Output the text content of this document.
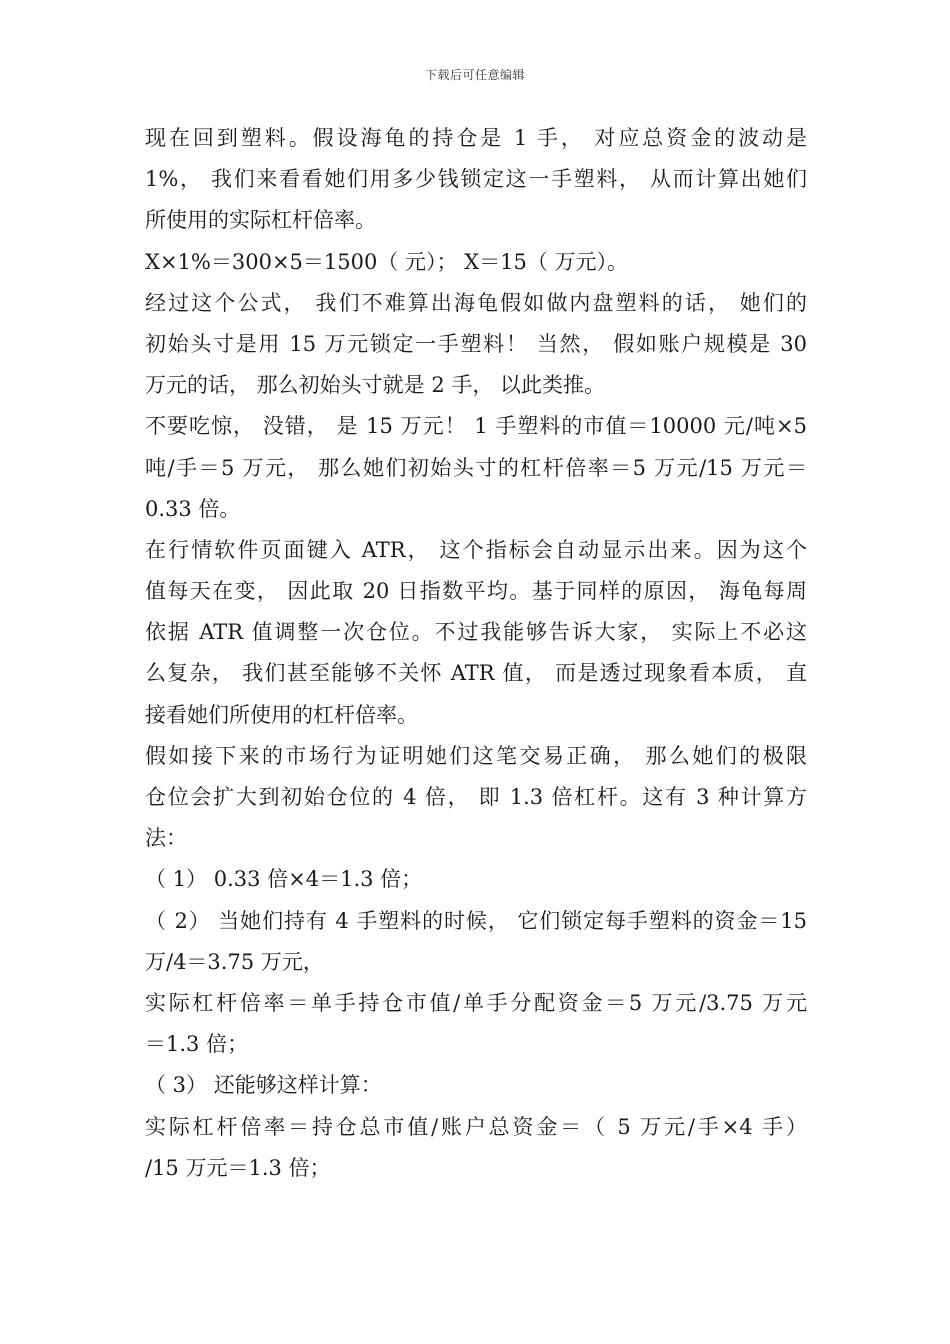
下载后可任意编辑
现在回到塑料。假设海龟的持仓是 1 手， 对应总资金的波动是
1%， 我们来看看她们用多少钱锁定这一手塑料， 从而计算出她们
所使用的实际杠杆倍率。
X×1%＝300×5＝1500（ 元）； X＝15（ 万元）。
经过这个公式， 我们不难算出海龟假如做内盘塑料的话， 她们的
初始头寸是用 15 万元锁定一手塑料！ 当然， 假如账户规模是 30
万元的话， 那么初始头寸就是 2 手， 以此类推。
不要吃惊， 没错， 是 15 万元！ 1 手塑料的市值＝10000 元/吨×5
吨/手＝5 万元， 那么她们初始头寸的杠杆倍率＝5 万元/15 万元＝
0.33 倍。
在行情软件页面键入 ATR， 这个指标会自动显示出来。因为这个
值每天在变， 因此取 20 日指数平均。基于同样的原因， 海龟每周
依据 ATR 值调整一次仓位。不过我能够告诉大家， 实际上不必这
么复杂， 我们甚至能够不关怀 ATR 值， 而是透过现象看本质， 直
接看她们所使用的杠杆倍率。
假如接下来的市场行为证明她们这笔交易正确， 那么她们的极限
仓位会扩大到初始仓位的 4 倍， 即 1.3 倍杠杆。这有 3 种计算方
法：
（ 1） 0.33 倍×4＝1.3 倍；
（ 2） 当她们持有 4 手塑料的时候， 它们锁定每手塑料的资金＝15
万/4＝3.75 万元，
实际杠杆倍率＝单手持仓市值/单手分配资金＝5 万元/3.75 万元
＝1.3 倍；
（ 3） 还能够这样计算：
实际杠杆倍率＝持仓总市值/账户总资金＝（ 5 万元/手×4 手）
/15 万元＝1.3 倍；
